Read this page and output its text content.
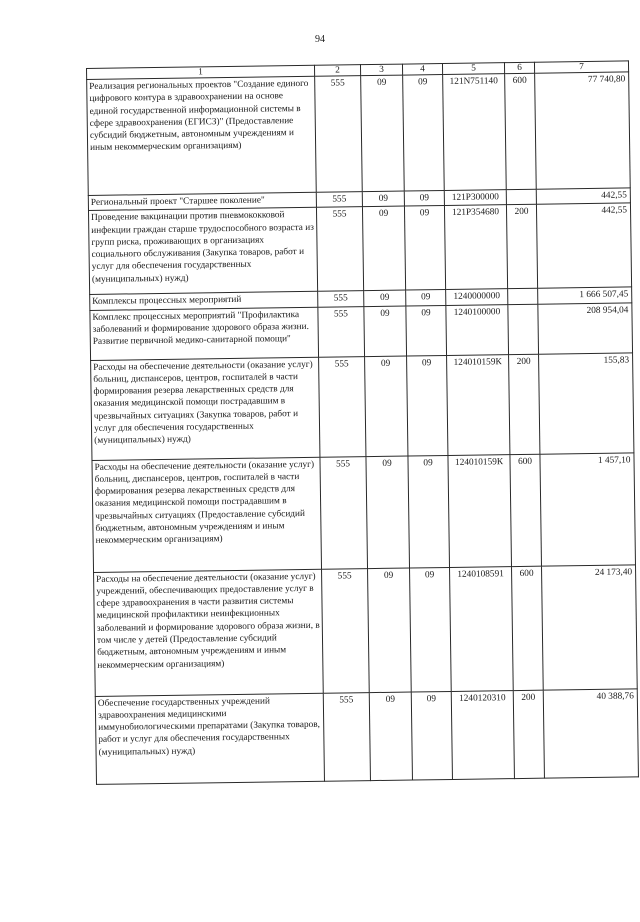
94
1	2	3	4	5	6	7
Реализация региональных проектов "Создание единого цифрового контура в здравоохранении на основе единой государственной информационной системы в сфере здравоохранения (ЕГИСЗ)" (Предоставление субсидий бюджетным, автономным учреждениям и иным некоммерческим организациям)	555	09	09	121N751140	600	77 740,80
Региональный проект "Старшее поколение"	555	09	09	121P300000		442,55
Проведение вакцинации против пневмококковой инфекции граждан старше трудоспособного возраста из групп риска, проживающих в организациях социального обслуживания (Закупка товаров, работ и услуг для обеспечения государственных (муниципальных) нужд)	555	09	09	121P354680	200	442,55
Комплексы процессных мероприятий	555	09	09	1240000000		1 666 507,45
Комплекс процессных мероприятий "Профилактика заболеваний и формирование здорового образа жизни. Развитие первичной медико-санитарной помощи"	555	09	09	1240100000		208 954,04
Расходы на обеспечение деятельности (оказание услуг) больниц, диспансеров, центров, госпиталей в части формирования резерва лекарственных средств для оказания медицинской помощи пострадавшим в чрезвычайных ситуациях (Закупка товаров, работ и услуг для обеспечения государственных (муниципальных) нужд)	555	09	09	124010159К	200	155,83
Расходы на обеспечение деятельности (оказание услуг) больниц, диспансеров, центров, госпиталей в части формирования резерва лекарственных средств для оказания медицинской помощи пострадавшим в чрезвычайных ситуациях (Предоставление субсидий бюджетным, автономным учреждениям и иным некоммерческим организациям)	555	09	09	124010159К	600	1 457,10
Расходы на обеспечение деятельности (оказание услуг) учреждений, обеспечивающих предоставление услуг в сфере здравоохранения в части развития системы медицинской профилактики неинфекционных заболеваний и формирование здорового образа жизни, в том числе у детей (Предоставление субсидий бюджетным, автономным учреждениям и иным некоммерческим организациям)	555	09	09	1240108591	600	24 173,40
Обеспечение государственных учреждений здравоохранения медицинскими иммунобиологическими препаратами (Закупка товаров, работ и услуг для обеспечения государственных (муниципальных) нужд)	555	09	09	1240120310	200	40 388,76
